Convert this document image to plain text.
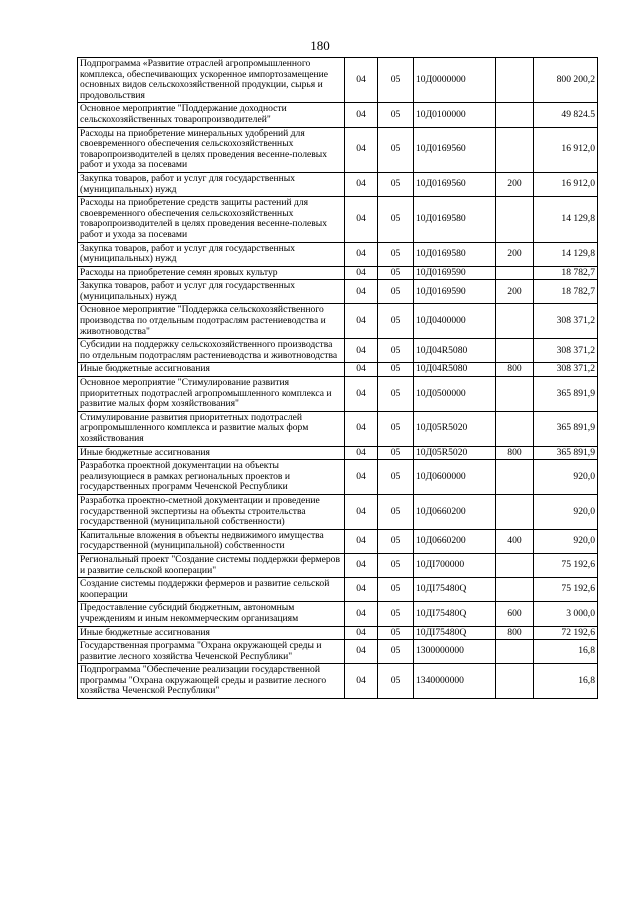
180
Подпрограмма «Развитие отраслей агропромышленного комплекса, обеспечивающих ускоренное импортозамещение основных видов сельскохозяйственной продукции, сырья и продовольствия	04	05	10Д0000000		800 200,2
Основное мероприятие "Поддержание доходности сельскохозяйственных товаропроизводителей"	04	05	10Д0100000		49 824.5
Расходы на приобретение минеральных удобрений для своевременного обеспечения сельскохозяйственных товаропроизводителей в целях проведения весенне-полевых работ и ухода за посевами	04	05	10Д0169560		16 912,0
Закупка товаров, работ и услуг для государственных (муниципальных) нужд	04	05	10Д0169560	200	16 912,0
Расходы на приобретение средств защиты растений для своевременного обеспечения сельскохозяйственных товаропроизводителей в целях проведения весенне-полевых работ и ухода за посевами	04	05	10Д0169580		14 129,8
Закупка товаров, работ и услуг для государственных (муниципальных) нужд	04	05	10Д0169580	200	14 129,8
Расходы на приобретение семян яровых культур	04	05	10Д0169590		18 782,7
Закупка товаров, работ и услуг для государственных (муниципальных) нужд	04	05	10Д0169590	200	18 782,7
Основное мероприятие "Поддержка сельскохозяйственного производства по отдельным подотраслям растениеводства и животноводства"	04	05	10Д0400000		308 371,2
Субсидии на поддержку сельскохозяйственного производства по отдельным подотраслям растениеводства и животноводства	04	05	10Д04R5080		308 371,2
Иные бюджетные ассигнования	04	05	10Д04R5080	800	308 371,2
Основное мероприятие "Стимулирование развития приоритетных подотраслей агропромышленного комплекса и развитие малых форм хозяйствования"	04	05	10Д0500000		365 891,9
Стимулирование развития приоритетных подотраслей агропромышленного комплекса и развитие малых форм хозяйствования	04	05	10Д05R5020		365 891,9
Иные бюджетные ассигнования	04	05	10Д05R5020	800	365 891,9
Разработка проектной документации на объекты реализующиеся в рамках региональных проектов и государственных программ Чеченской Республики	04	05	10Д0600000		920,0
Разработка проектно-сметной документации и проведение государственной экспертизы на объекты строительства государственной (муниципальной собственности)	04	05	10Д0660200		920,0
Капитальные вложения в объекты недвижимого имущества государственной (муниципальной) собственности	04	05	10Д0660200	400	920,0
Региональный проект "Создание системы поддержки фермеров и развитие сельской кооперации"	04	05	10ДI700000		75 192,6
Создание системы поддержки фермеров и развитие сельской кооперации	04	05	10ДI75480Q		75 192,6
Предоставление субсидий бюджетным, автономным учреждениям и иным некоммерческим организациям	04	05	10ДI75480Q	600	3 000,0
Иные бюджетные ассигнования	04	05	10ДI75480Q	800	72 192,6
Государственная программа "Охрана окружающей среды и развитие лесного хозяйства Чеченской Республики"	04	05	1300000000		16,8
Подпрограмма "Обеспечение реализации государственной программы "Охрана окружающей среды и развитие лесного хозяйства Чеченской Республики"	04	05	1340000000		16,8
